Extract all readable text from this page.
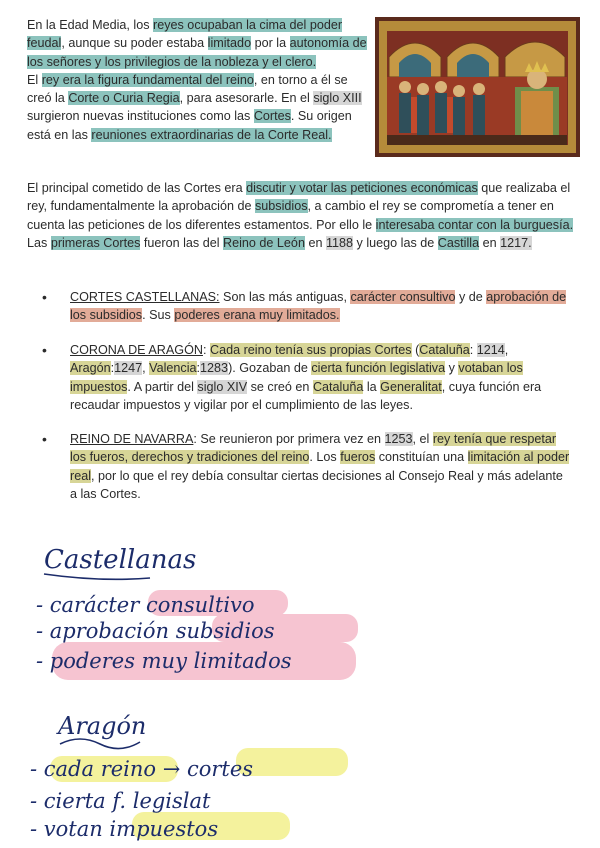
En la Edad Media, los reyes ocupaban la cima del poder feudal, aunque su poder estaba limitado por la autonomía de los señores y los privilegios de la nobleza y el clero.
El rey era la figura fundamental del reino, en torno a él se creó la Corte o Curia Regia, para asesorarle. En el siglo XIII surgieron nuevas instituciones como las Cortes. Su origen está en las reuniones extraordinarias de la Corte Real.
El principal cometido de las Cortes era discutir y votar las peticiones económicas que realizaba el rey, fundamentalmente la aprobación de subsidios, a cambio el rey se comprometía a tener en cuenta las peticiones de los diferentes estamentos. Por ello le interesaba contar con la burguesía.
Las primeras Cortes fueron las del Reino de León en 1188 y luego las de Castilla en 1217.
• CORTES CASTELLANAS: Son las más antiguas, carácter consultivo y de aprobación de los subsidios. Sus poderes erana muy limitados.
• CORONA DE ARAGÓN: Cada reino tenía sus propias Cortes (Cataluña: 1214, Aragón:1247, Valencia:1283). Gozaban de cierta función legislativa y votaban los impuestos. A partir del siglo XIV se creó en Cataluña la Generalitat, cuya función era recaudar impuestos y vigilar por el cumplimiento de las leyes.
• REINO DE NAVARRA: Se reunieron por primera vez en 1253, el rey tenía que respetar los fueros, derechos y tradiciones del reino. Los fueros constituían una limitación al poder real, por lo que el rey debía consultar ciertas decisiones al Consejo Real y más adelante a las Cortes.
Castellanas
- carácter consultivo
- aprobación subsidios
- poderes muy limitados
Aragón
- cada reino → cortes
- cierta f. legislat
- votan impuestos
